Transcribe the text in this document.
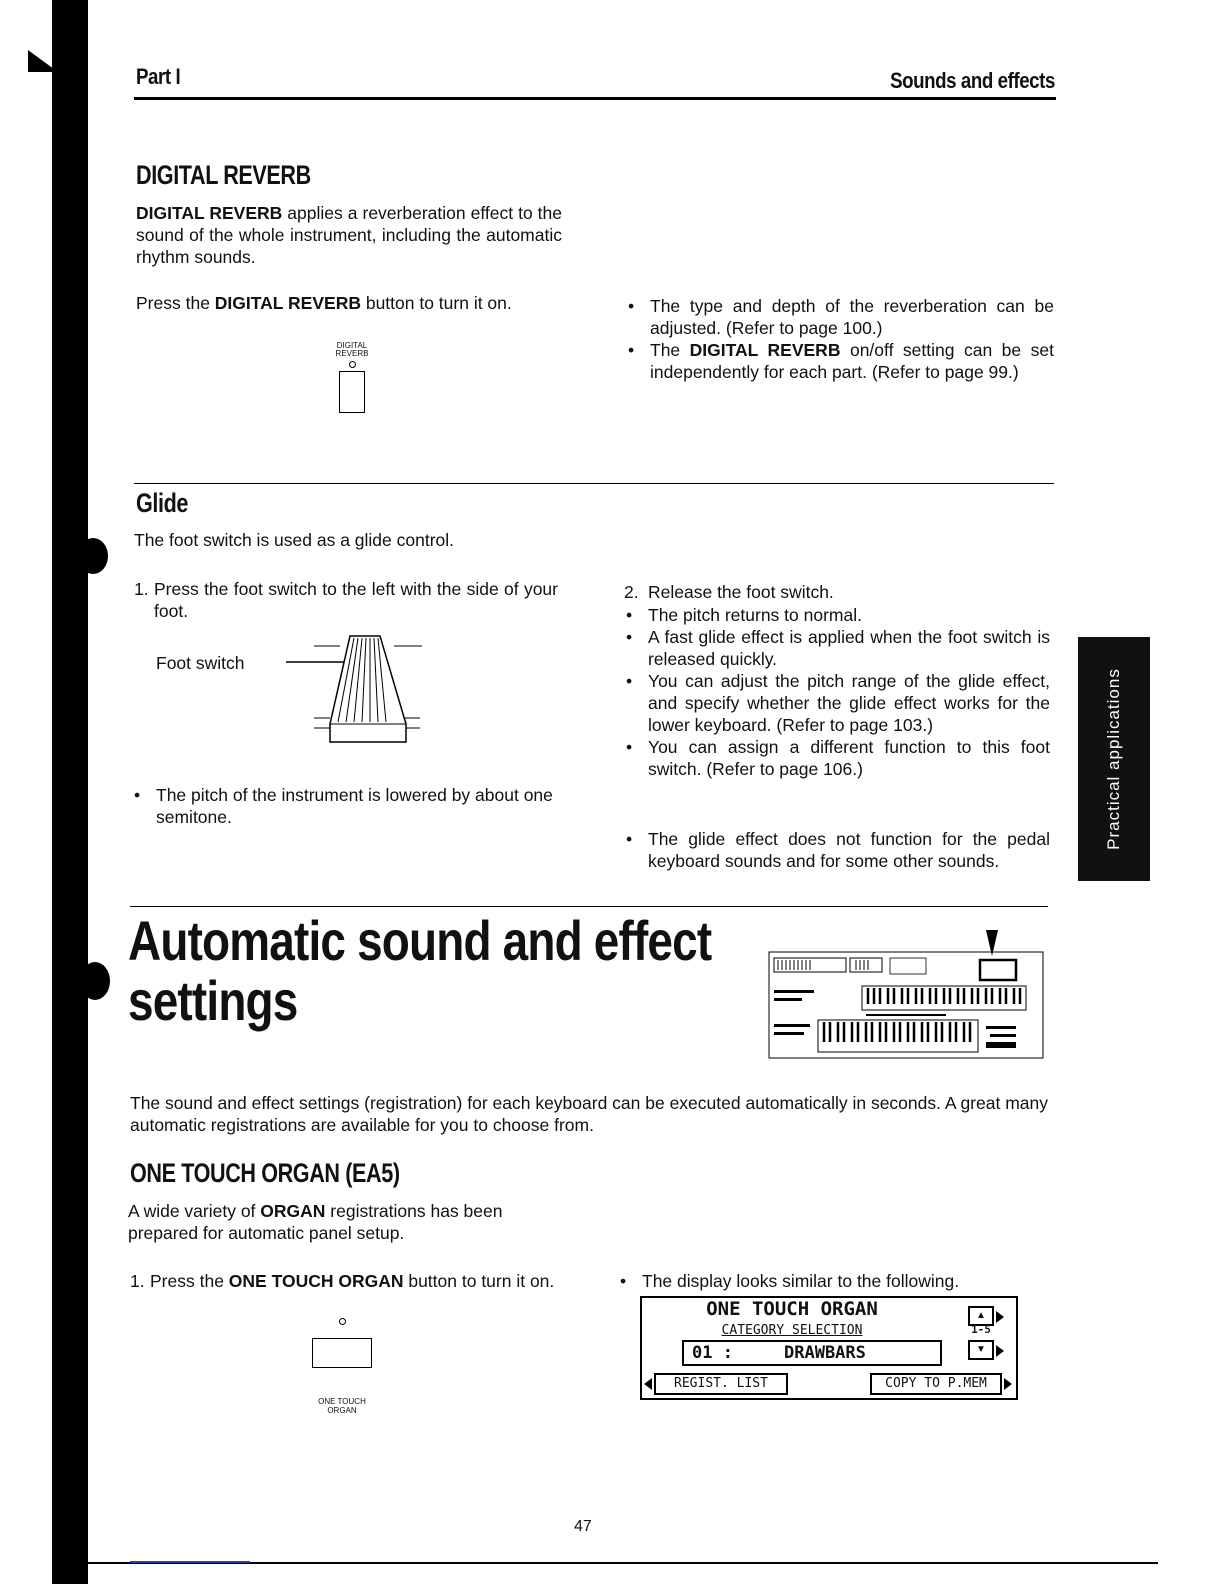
Part I	Sounds and effects
Practical applications
DIGITAL REVERB
DIGITAL REVERB applies a reverberation effect to the sound of the whole instrument, including the automatic rhythm sounds.
Press the DIGITAL REVERB button to turn it on.
DIGITAL
REVERB
• The type and depth of the reverberation can be adjusted. (Refer to page 100.)
• The DIGITAL REVERB on/off setting can be set independently for each part. (Refer to page 99.)
Glide
The foot switch is used as a glide control.
1. Press the foot switch to the left with the side of your foot.
Foot switch
• The pitch of the instrument is lowered by about one semitone.
2. Release the foot switch.
• The pitch returns to normal.
• A fast glide effect is applied when the foot switch is released quickly.
• You can adjust the pitch range of the glide effect, and specify whether the glide effect works for the lower keyboard. (Refer to page 103.)
• You can assign a different function to this foot switch. (Refer to page 106.)
• The glide effect does not function for the pedal keyboard sounds and for some other sounds.
Automatic sound and effect
settings
The sound and effect settings (registration) for each keyboard can be executed automatically in seconds. A great many automatic registrations are available for you to choose from.
ONE TOUCH ORGAN (EA5)
A wide variety of ORGAN registrations has been prepared for automatic panel setup.
1. Press the ONE TOUCH ORGAN button to turn it on.
ONE TOUCH
ORGAN
• The display looks similar to the following.
ONE TOUCH ORGAN
CATEGORY SELECTION
01 :	DRAWBARS
▲
1-5
▼
REGIST. LIST	COPY TO P.MEM
47
